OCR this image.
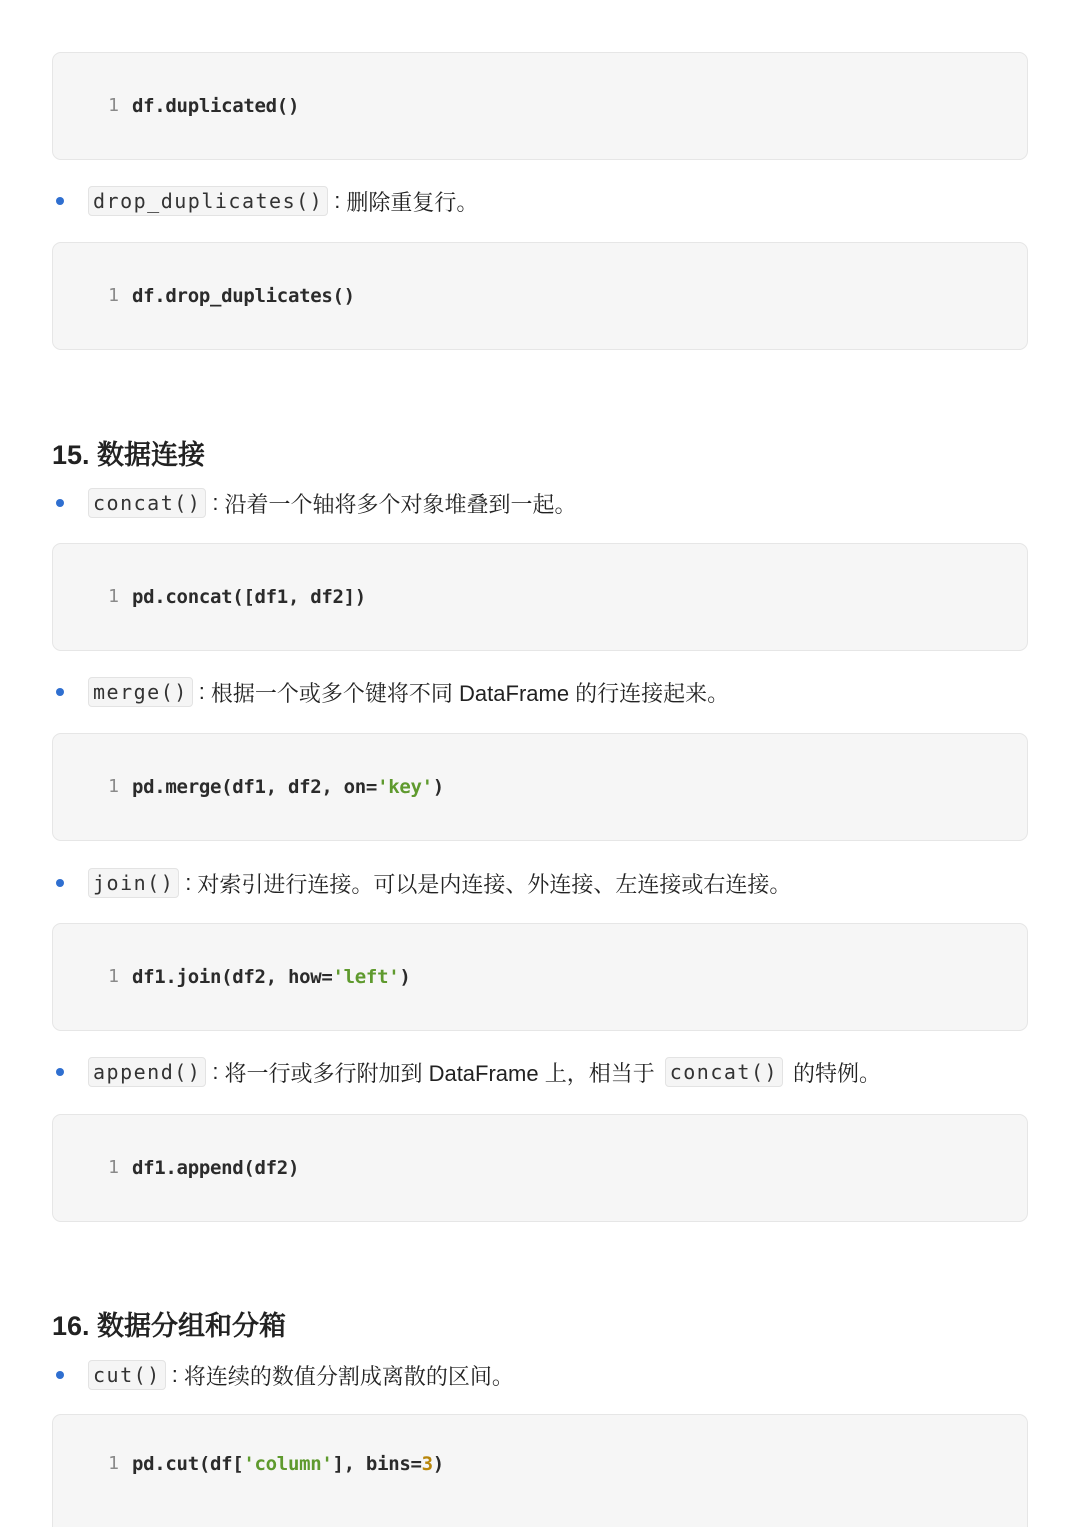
1 df.duplicated()
drop_duplicates() : 删除重复行。
1 df.drop_duplicates()
15. 数据连接
concat() : 沿着一个轴将多个对象堆叠到一起。
1 pd.concat([df1, df2])
merge() : 根据一个或多个键将不同 DataFrame 的行连接起来。
1 pd.merge(df1, df2, on='key')
join() : 对索引进行连接。可以是内连接、外连接、左连接或右连接。
1 df1.join(df2, how='left')
append() : 将一行或多行附加到 DataFrame 上，相当于 concat() 的特例。
1 df1.append(df2)
16. 数据分组和分箱
cut() : 将连续的数值分割成离散的区间。
1 pd.cut(df['column'], bins=3)
